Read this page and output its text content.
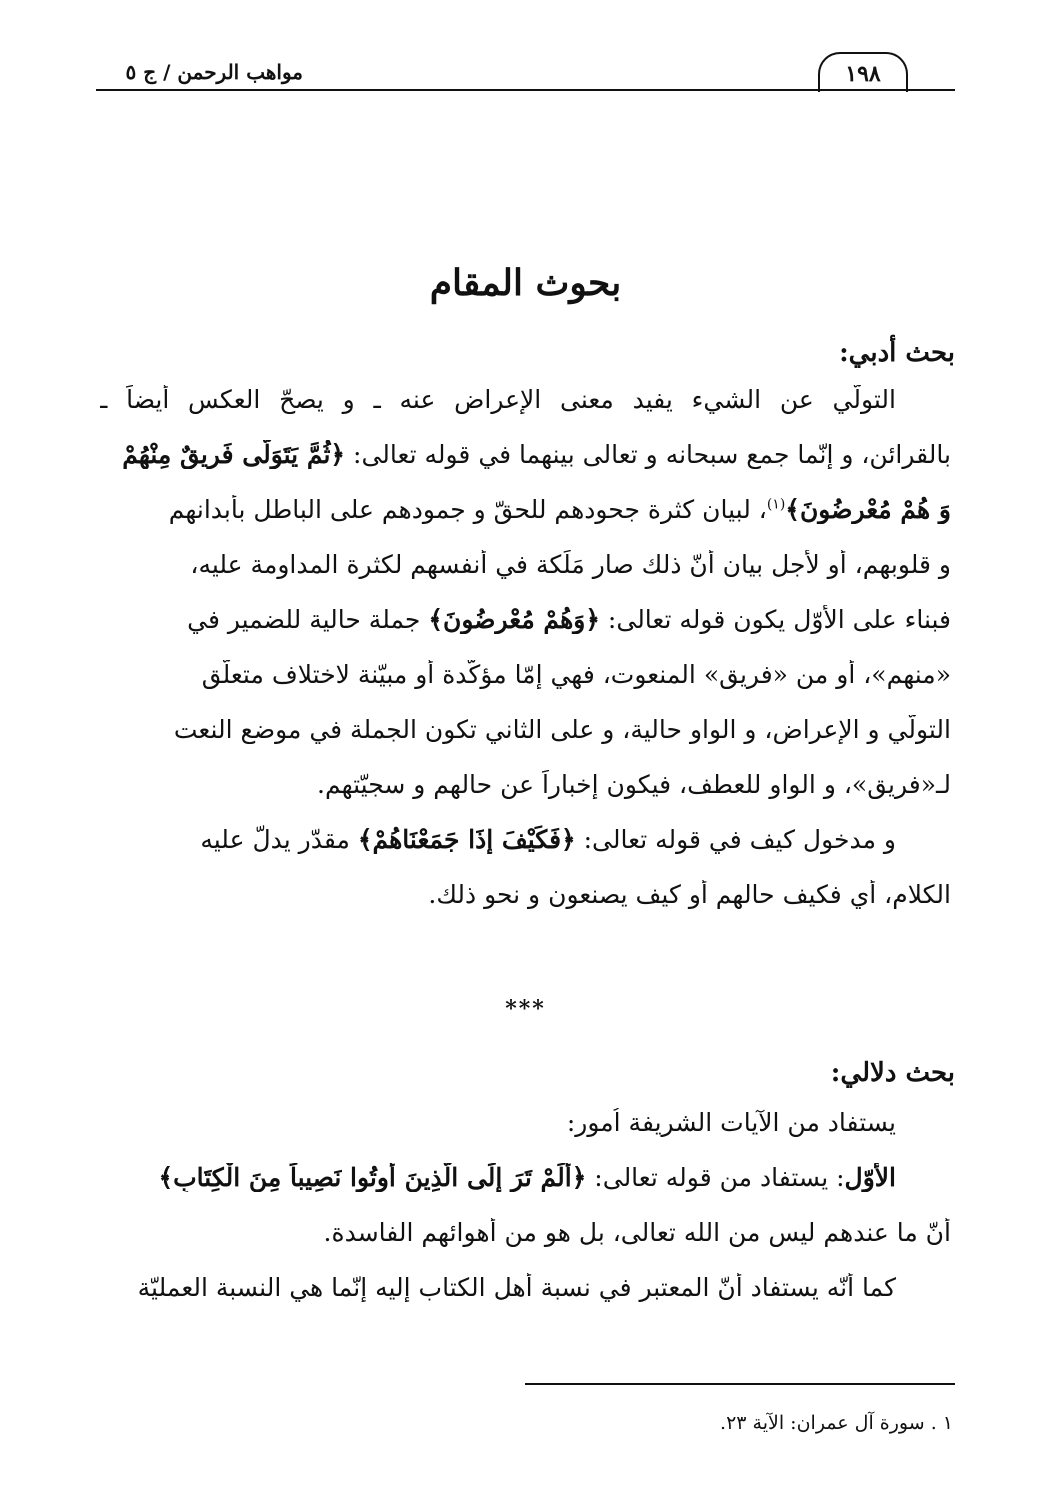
مواهب الرحمن / ج ٥	١٩٨
بحوث المقام
بحث أدبي:
التولّي عن الشيء يفيد معنى الإعراض عنه ـ و يصحّ العكس أيضاً ـ
بالقرائن، و إنّما جمع سبحانه و تعالى بينهما في قوله تعالى: ﴿ثُمَّ يَتَوَلَّى فَرِيقٌ مِنْهُمْ
وَ هُمْ مُعْرِضُونَ﴾$^{(١)}$، لبيان كثرة جحودهم للحقّ و جمودهم على الباطل بأبدانهم
و قلوبهم، أو لأجل بيان أنّ ذلك صار مَلَكة في أنفسهم لكثرة المداومة عليه،
فبناء على الأوّل يكون قوله تعالى: ﴿وَهُمْ مُعْرِضُونَ﴾ جملة حالية للضمير في
«منهم»، أو من «فريق» المنعوت، فهي إمّا مؤكّدة أو مبيّنة لاختلاف متعلّق
التولّي و الإعراض، و الواو حالية، و على الثاني تكون الجملة في موضع النعت
لـ«فريق»، و الواو للعطف، فيكون إخباراً عن حالهم و سجيّتهم.
و مدخول كيف في قوله تعالى: ﴿فَكَيْفَ إِذَا جَمَعْنَاهُمْ﴾ مقدّر يدلّ عليه
الكلام، أي فكيف حالهم أو كيف يصنعون و نحو ذلك.
***
بحث دلالي:
يستفاد من الآيات الشريفة اُمور:
الأوّل: يستفاد من قوله تعالى: ﴿أَلَمْ تَرَ إِلَى الَّذِينَ أُوتُوا نَصِيباً مِنَ الْكِتَابِ﴾
أنّ ما عندهم ليس من الله تعالى، بل هو من أهوائهم الفاسدة.
كما أنّه يستفاد أنّ المعتبر في نسبة أهل الكتاب إليه إنّما هي النسبة العمليّة
١ . سورة آل عمران: الآية ٢٣.
